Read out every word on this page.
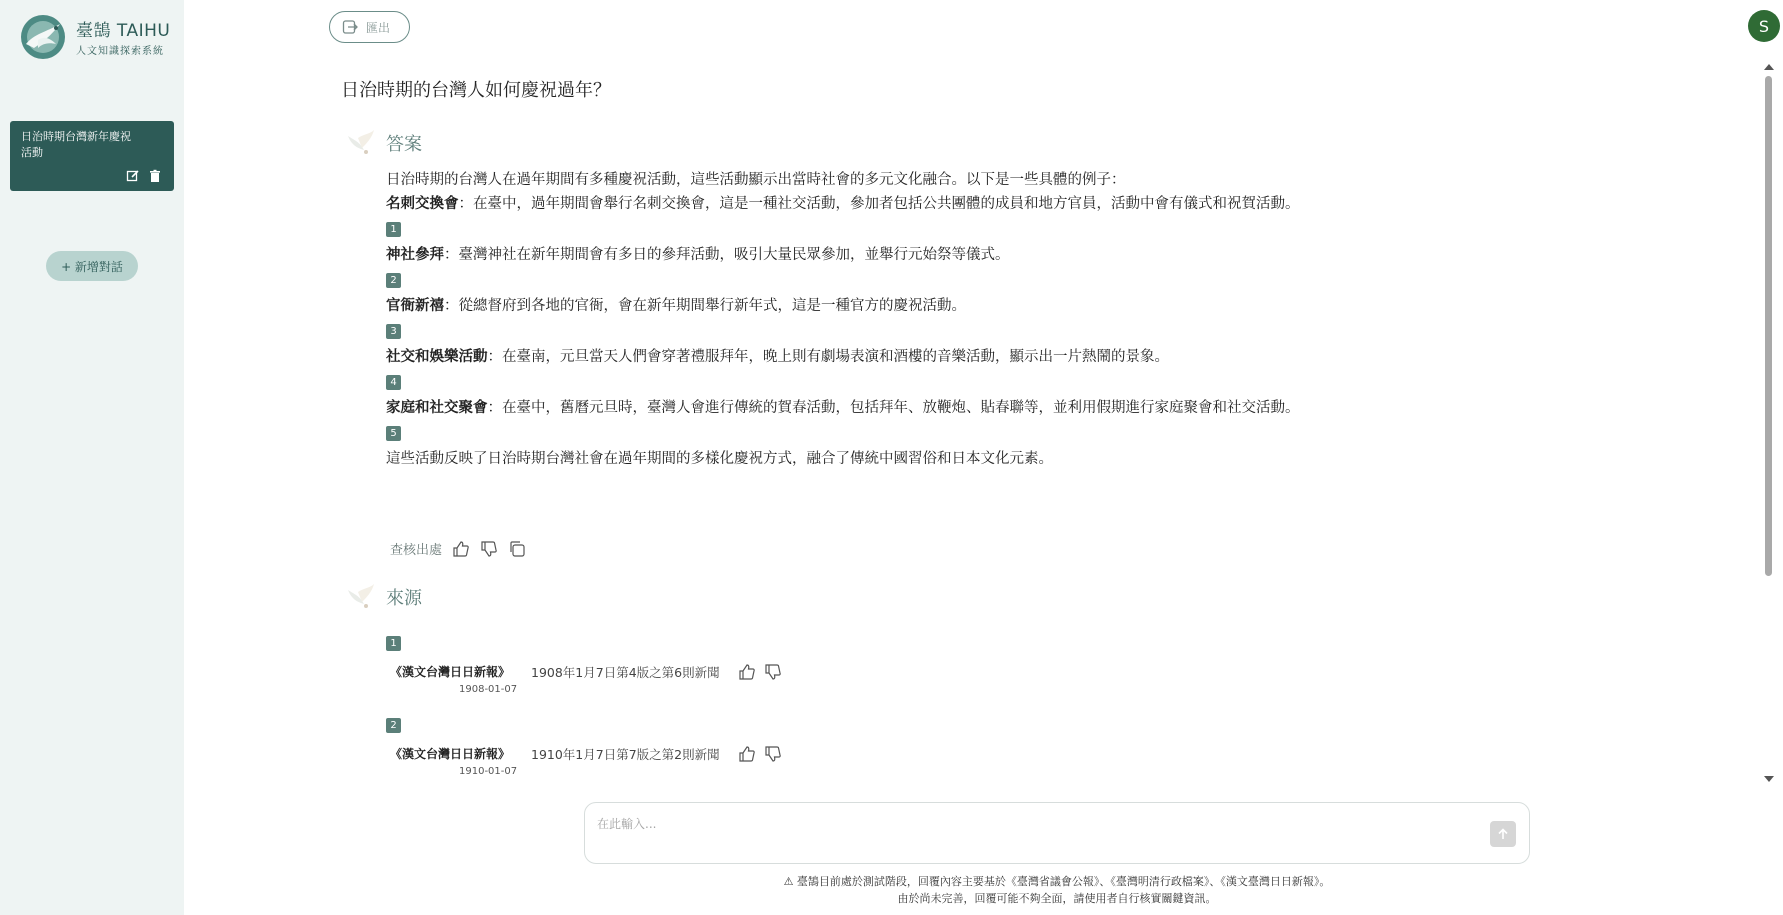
臺鵠 TAIHU
人文知識探索系統
日治時期台灣新年慶祝活動
+ 新增對話
匯出	S
日治時期的台灣人如何慶祝過年？
答案

日治時期的台灣人在過年期間有多種慶祝活動，這些活動顯示出當時社會的多元文化融合。以下是一些具體的例子：

名刺交換會：在臺中，過年期間會舉行名刺交換會，這是一種社交活動，參加者包括公共團體的成員和地方官員，活動中會有儀式和祝賀活動。

1

神社參拜：臺灣神社在新年期間會有多日的參拜活動，吸引大量民眾參加，並舉行元始祭等儀式。

2

官衙新禧：從總督府到各地的官衙，會在新年期間舉行新年式，這是一種官方的慶祝活動。

3

社交和娛樂活動：在臺南，元旦當天人們會穿著禮服拜年，晚上則有劇場表演和酒樓的音樂活動，顯示出一片熱鬧的景象。

4

家庭和社交聚會：在臺中，舊曆元旦時，臺灣人會進行傳統的賀春活動，包括拜年、放鞭炮、貼春聯等，並利用假期進行家庭聚會和社交活動。

5

這些活動反映了日治時期台灣社會在過年期間的多樣化慶祝方式，融合了傳統中國習俗和日本文化元素。

查核出處
來源
1
《漢文台灣日日新報》 1908年1月7日第4版之第6則新聞
1908-01-07
2
《漢文台灣日日新報》 1910年1月7日第7版之第2則新聞
1910-01-07
在此輸入...
⚠ 臺鵠目前處於測試階段，回覆內容主要基於《臺灣省議會公報》、《臺灣明清行政檔案》、《漢文臺灣日日新報》。
由於尚未完善，回覆可能不夠全面，請使用者自行核實關鍵資訊。
